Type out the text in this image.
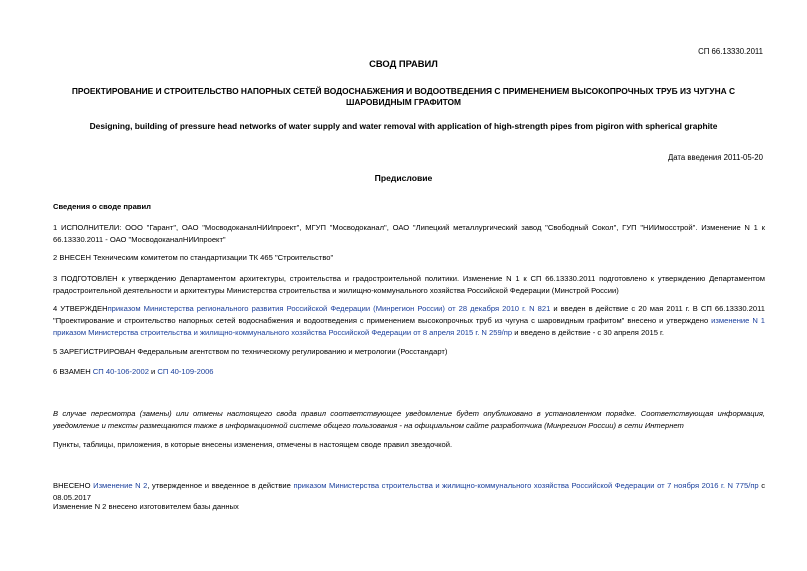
СП 66.13330.2011
СВОД ПРАВИЛ
ПРОЕКТИРОВАНИЕ И СТРОИТЕЛЬСТВО НАПОРНЫХ СЕТЕЙ ВОДОСНАБЖЕНИЯ И ВОДООТВЕДЕНИЯ С ПРИМЕНЕНИЕМ ВЫСОКОПРОЧНЫХ ТРУБ ИЗ ЧУГУНА С ШАРОВИДНЫМ ГРАФИТОМ
Designing, building of pressure head networks of water supply and water removal with application of high-strength pipes from pigiron with spherical graphite
Дата введения 2011-05-20
Предисловие
Сведения о своде правил
1 ИСПОЛНИТЕЛИ: ООО "Гарант", ОАО "МосводоканалНИИпроект", МГУП "Мосводоканал", ОАО "Липецкий металлургический завод "Свободный Сокол", ГУП "НИИмосстрой". Изменение N 1 к 66.13330.2011 - ОАО "МосводоканалНИИпроект"
2 ВНЕСЕН Техническим комитетом по стандартизации ТК 465 "Строительство"
3 ПОДГОТОВЛЕН к утверждению Департаментом архитектуры, строительства и градостроительной политики. Изменение N 1 к СП 66.13330.2011 подготовлено к утверждению Департаментом градостроительной деятельности и архитектуры Министерства строительства и жилищно-коммунального хозяйства Российской Федерации (Минстрой России)
4 УТВЕРЖДЕНприказом Министерства регионального развития Российской Федерации (Минрегион России) от 28 декабря 2010 г. N 821 и введен в действие с 20 мая 2011 г. В СП 66.13330.2011 "Проектирование и строительство напорных сетей водоснабжения и водоотведения с применением высокопрочных труб из чугуна с шаровидным графитом" внесено и утверждено изменение N 1 приказом Министерства строительства и жилищно-коммунального хозяйства Российской Федерации от 8 апреля 2015 г. N 259/пр и введено в действие - с 30 апреля 2015 г.
5 ЗАРЕГИСТРИРОВАН Федеральным агентством по техническому регулированию и метрологии (Росстандарт)
6 ВЗАМЕН СП 40-106-2002 и СП 40-109-2006
В случае пересмотра (замены) или отмены настоящего свода правил соответствующее уведомление будет опубликовано в установленном порядке. Соответствующая информация, уведомление и тексты размещаются также в информационной системе общего пользования - на официальном сайте разработчика (Минрегион России) в сети Интернет
Пункты, таблицы, приложения, в которые внесены изменения, отмечены в настоящем своде правил звездочкой.
ВНЕСЕНО Изменение N 2, утвержденное и введенное в действие приказом Министерства строительства и жилищно-коммунального хозяйства Российской Федерации от 7 ноября 2016 г. N 775/пр с 08.05.2017
Изменение N 2 внесено изготовителем базы данных
